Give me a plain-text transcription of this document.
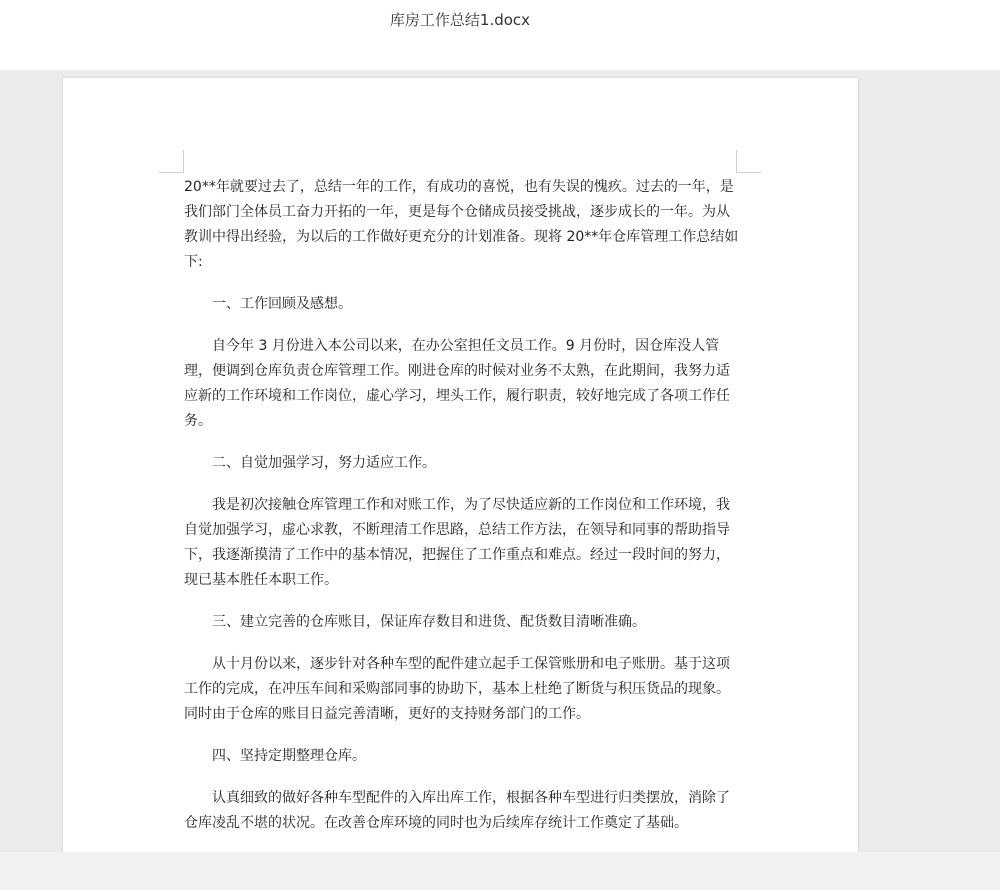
库房工作总结1.docx

20**年就要过去了，总结一年的工作，有成功的喜悦，也有失误的愧疚。过去的一年，是我们部门全体员工奋力开拓的一年，更是每个仓储成员接受挑战，逐步成长的一年。为从教训中得出经验，为以后的工作做好更充分的计划准备。现将 20**年仓库管理工作总结如下:

一、工作回顾及感想。

自今年 3 月份进入本公司以来，在办公室担任文员工作。9 月份时，因仓库没人管理，便调到仓库负责仓库管理工作。刚进仓库的时候对业务不太熟，在此期间，我努力适应新的工作环境和工作岗位，虚心学习，埋头工作，履行职责，较好地完成了各项工作任务。

二、自觉加强学习，努力适应工作。

我是初次接触仓库管理工作和对账工作，为了尽快适应新的工作岗位和工作环境，我自觉加强学习，虚心求教，不断理清工作思路，总结工作方法，在领导和同事的帮助指导下，我逐渐摸清了工作中的基本情况，把握住了工作重点和难点。经过一段时间的努力，现已基本胜任本职工作。

三、建立完善的仓库账目，保证库存数目和进货、配货数目清晰准确。

从十月份以来，逐步针对各种车型的配件建立起手工保管账册和电子账册。基于这项工作的完成，在冲压车间和采购部同事的协助下，基本上杜绝了断货与积压货品的现象。同时由于仓库的账目日益完善清晰，更好的支持财务部门的工作。

四、坚持定期整理仓库。

认真细致的做好各种车型配件的入库出库工作，根据各种车型进行归类摆放，消除了仓库凌乱不堪的状况。在改善仓库环境的同时也为后续库存统计工作奠定了基础。
